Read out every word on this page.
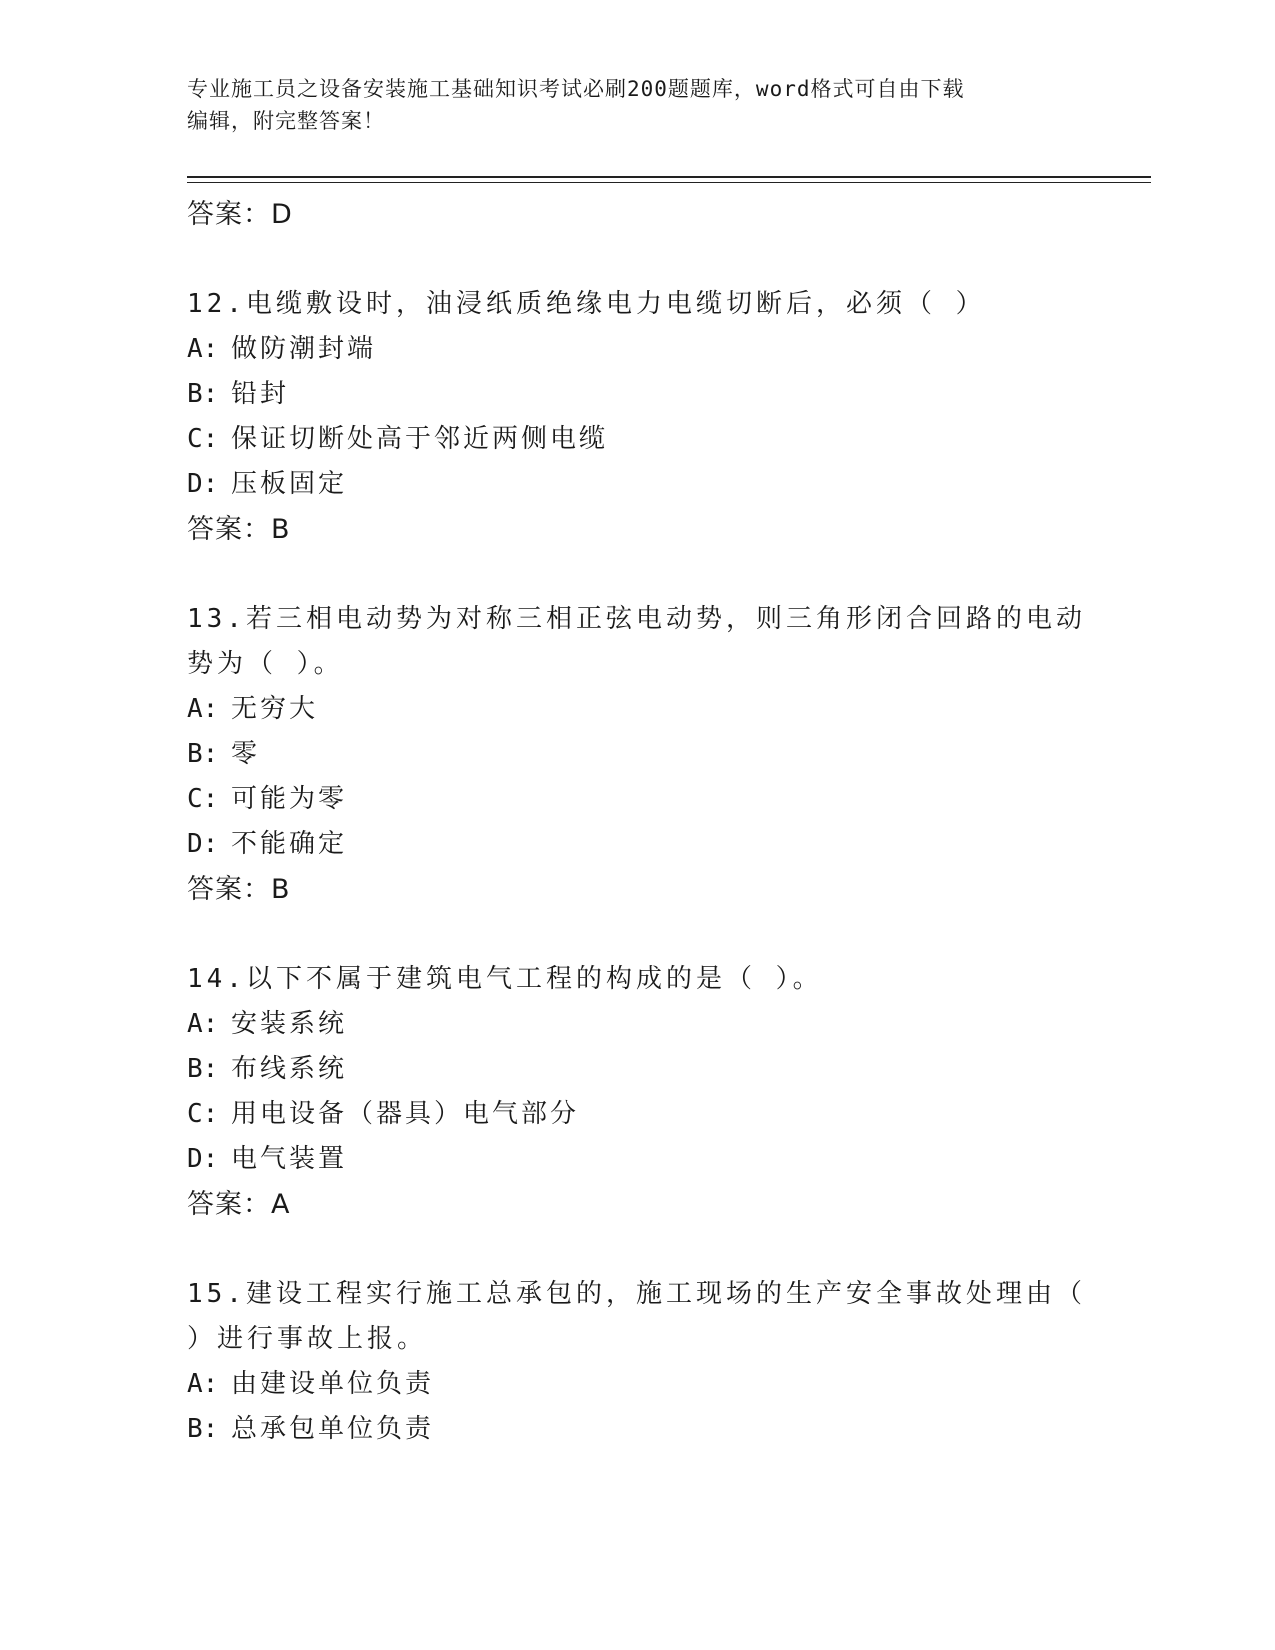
专业施工员之设备安装施工基础知识考试必刷200题题库，word格式可自由下载
编辑，附完整答案！
答案：D
12.电缆敷设时，油浸纸质绝缘电力电缆切断后，必须（ ）
A: 做防潮封端
B: 铅封
C: 保证切断处高于邻近两侧电缆
D: 压板固定
答案：B
13.若三相电动势为对称三相正弦电动势，则三角形闭合回路的电动势为（ ）。
A: 无穷大
B: 零
C: 可能为零
D: 不能确定
答案：B
14.以下不属于建筑电气工程的构成的是（ ）。
A: 安装系统
B: 布线系统
C: 用电设备（器具）电气部分
D: 电气装置
答案：A
15.建设工程实行施工总承包的，施工现场的生产安全事故处理由（ ）进行事故上报。
A: 由建设单位负责
B: 总承包单位负责
